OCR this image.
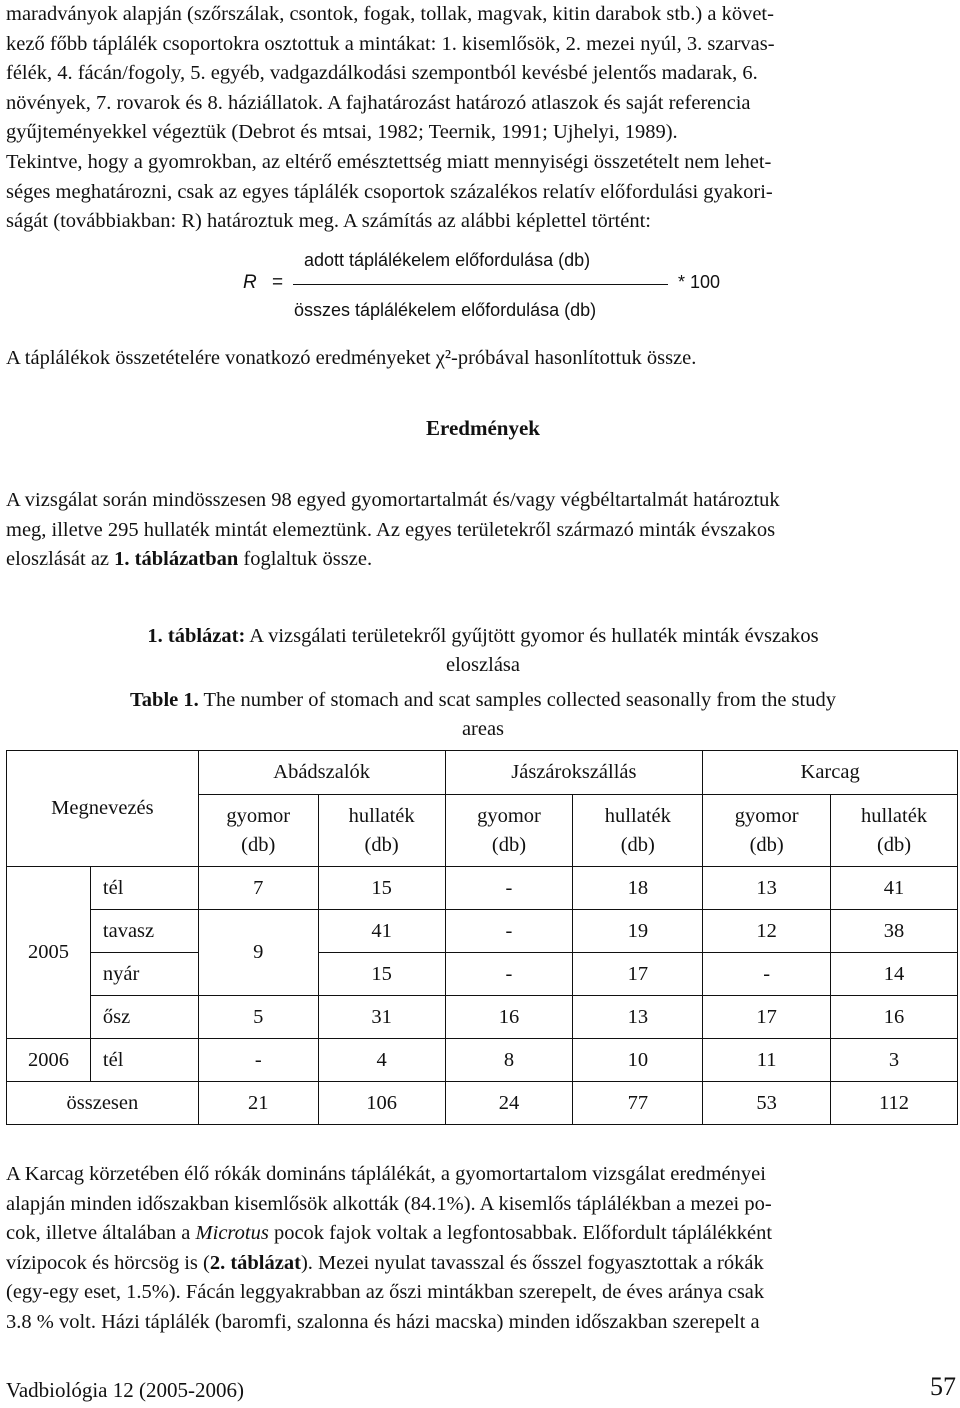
maradványok alapján (szőrszálak, csontok, fogak, tollak, magvak, kitin darabok stb.) a követ-

kező főbb táplálék csoportokra osztottuk a mintákat: 1. kisemlősök, 2. mezei nyúl, 3. szarvas-

félék, 4. fácán/fogoly, 5. egyéb, vadgazdálkodási szempontból kevésbé jelentős madarak, 6.

növények, 7. rovarok és 8. háziállatok. A fajhatározást határozó atlaszok és saját referencia

gyűjteményekkel végeztük (Debrot és mtsai, 1982; Teernik, 1991; Ujhelyi, 1989).

Tekintve, hogy a gyomrokban, az eltérő emésztettség miatt mennyiségi összetételt nem lehet-

séges meghatározni, csak az egyes táplálék csoportok százalékos relatív előfordulási gyakori-

ságát (továbbiakban: R) határoztuk meg. A számítás az alábbi képlettel történt:

R =
adott táplálékelem előfordulása (db)
összes táplálékelem előfordulása (db)
* 100

A táplálékok összetételére vonatkozó eredményeket χ²-próbával hasonlítottuk össze.

Eredmények

A vizsgálat során mindösszesen 98 egyed gyomortartalmát és/vagy végbéltartalmát határoztuk

meg, illetve 295 hullaték mintát elemeztünk. Az egyes területekről származó minták évszakos

eloszlását az 1. táblázatban foglaltuk össze.

1. táblázat: A vizsgálati területekről gyűjtött gyomor és hullaték minták évszakos
eloszlása
Table 1. The number of stomach and scat samples collected seasonally from the study
areas
Megnevezés		Abádszalók		Jászárokszállás		Karcag	
		gyomor
(db)	hullaték
(db)	gyomor
(db)	hullaték
(db)	gyomor
(db)	hullaték
(db)
2005	tél	7	15	-	18	13	41
	tavasz	9	41	-	19	12	38
	nyár		15	-	17	-	14
	ősz	5	31	16	13	17	16
2006	tél	-	4	8	10	11	3
összesen		21	106	24	77	53	112

A Karcag körzetében élő rókák domináns táplálékát, a gyomortartalom vizsgálat eredményei

alapján minden időszakban kisemlősök alkották (84.1%). A kisemlős táplálékban a mezei po-

cok, illetve általában a Microtus pocok fajok voltak a legfontosabbak. Előfordult táplálékként

vízipocok és hörcsög is (2. táblázat). Mezei nyulat tavasszal és ősszel fogyasztottak a rókák

(egy-egy eset, 1.5%). Fácán leggyakrabban az őszi mintákban szerepelt, de éves aránya csak

3.8 % volt. Házi táplálék (baromfi, szalonna és házi macska) minden időszakban szerepelt a

Vadbiológia 12 (2005-2006)	57
